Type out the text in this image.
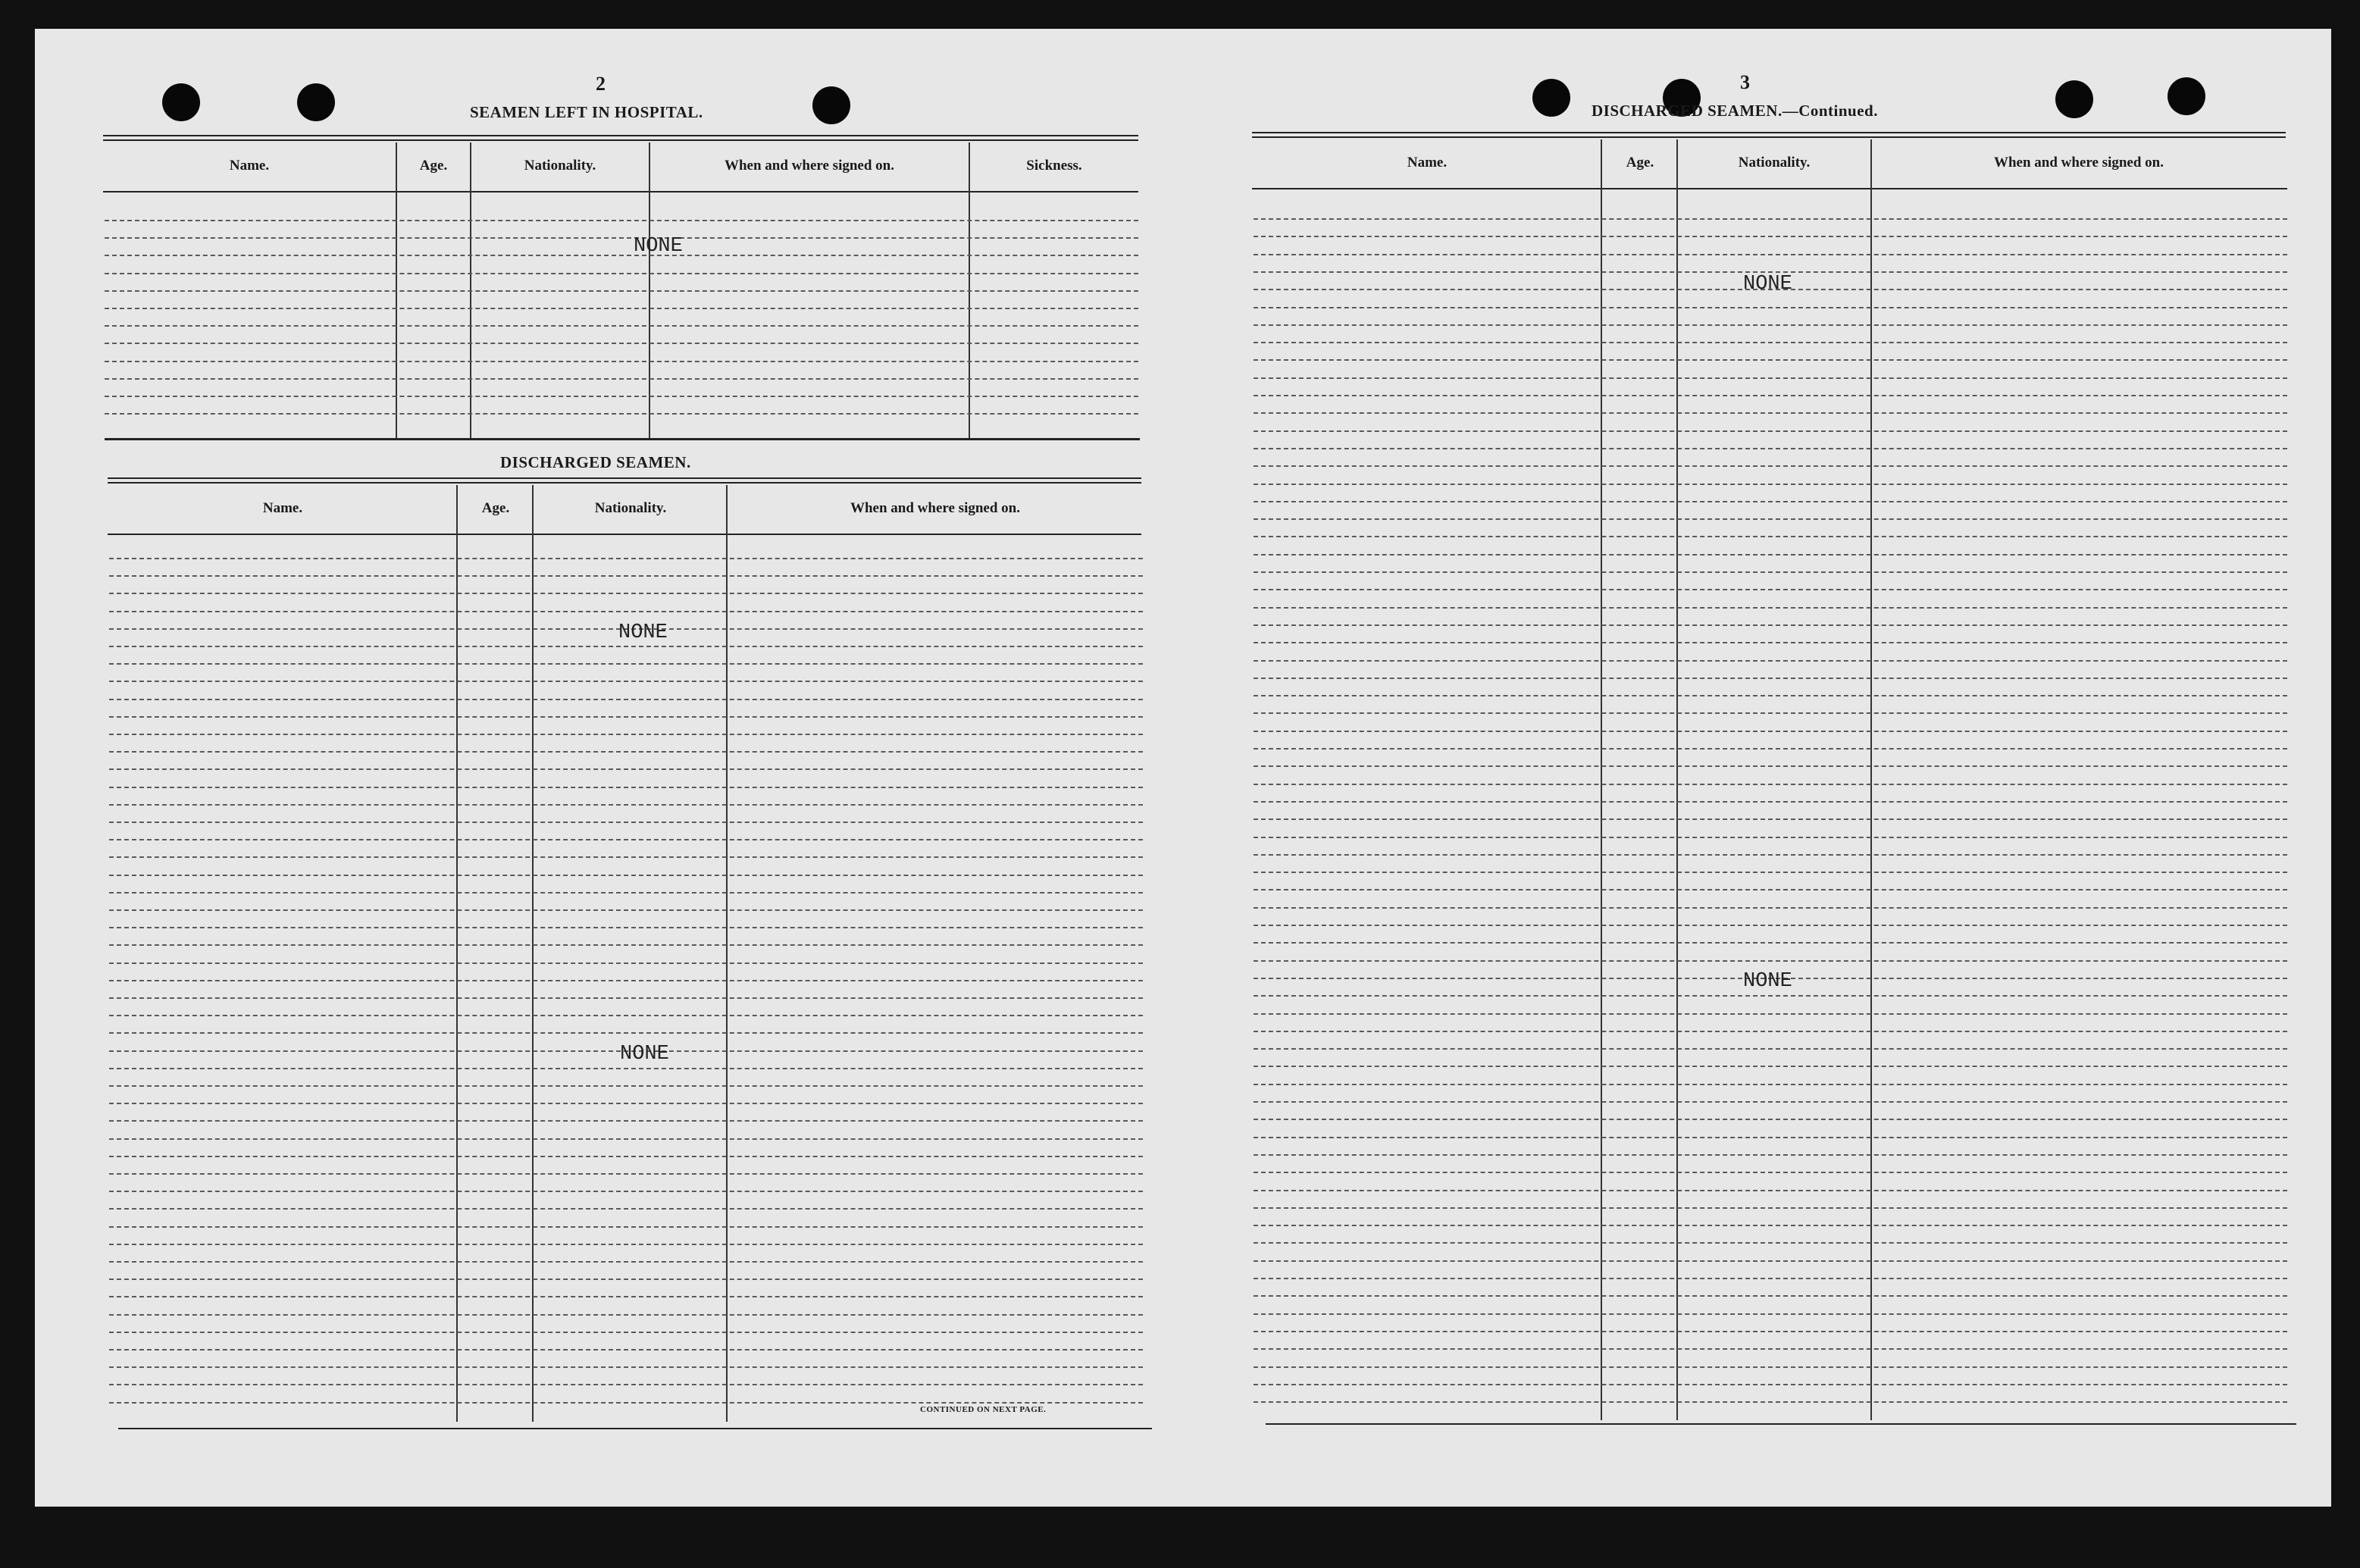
2
SEAMEN LEFT IN HOSPITAL.
Name.	Age.	Nationality.	When and where signed on.	Sickness.
NONE
DISCHARGED SEAMEN.
Name.	Age.	Nationality.	When and where signed on.
NONE
NONE
CONTINUED ON NEXT PAGE.
3
DISCHARGED SEAMEN.—Continued.
Name.	Age.	Nationality.	When and where signed on.
NONE
NONE
